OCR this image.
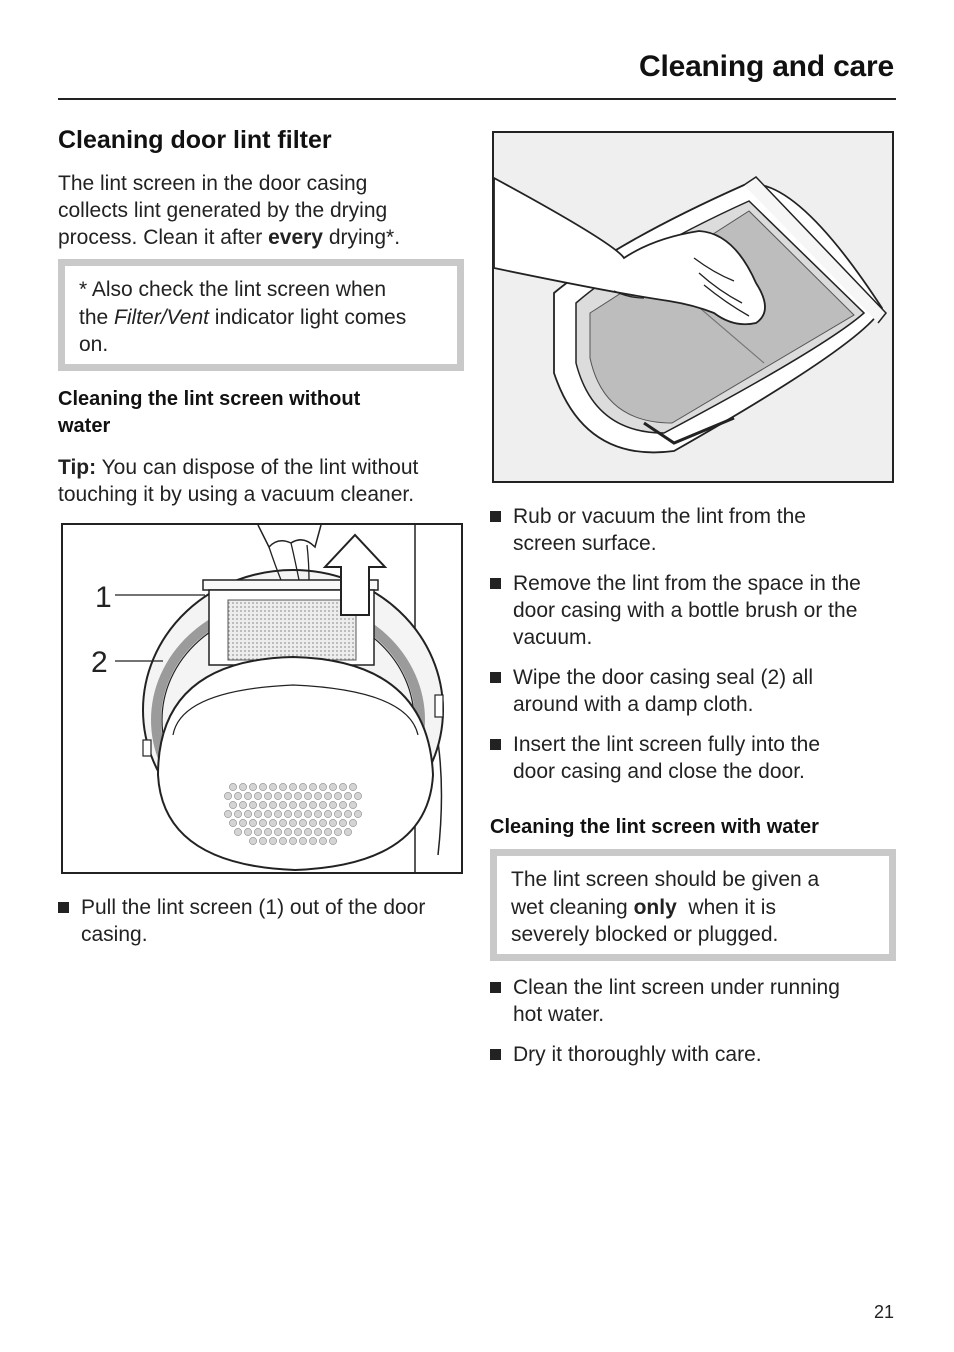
Cleaning and care
Cleaning door lint filter
The lint screen in the door casing
collects lint generated by the drying
process. Clean it after every drying*.
* Also check the lint screen when
the Filter/Vent indicator light comes
on.
Cleaning the lint screen without
water
Tip: You can dispose of the lint without
touching it by using a vacuum cleaner.
1
2
Pull the lint screen (1) out of the door
casing.
Rub or vacuum the lint from the
screen surface.
Remove the lint from the space in the
door casing with a bottle brush or the
vacuum.
Wipe the door casing seal (2) all
around with a damp cloth.
Insert the lint screen fully into the
door casing and close the door.
Cleaning the lint screen with water
The lint screen should be given a
wet cleaning only  when it is
severely blocked or plugged.
Clean the lint screen under running
hot water.
Dry it thoroughly with care.
21
